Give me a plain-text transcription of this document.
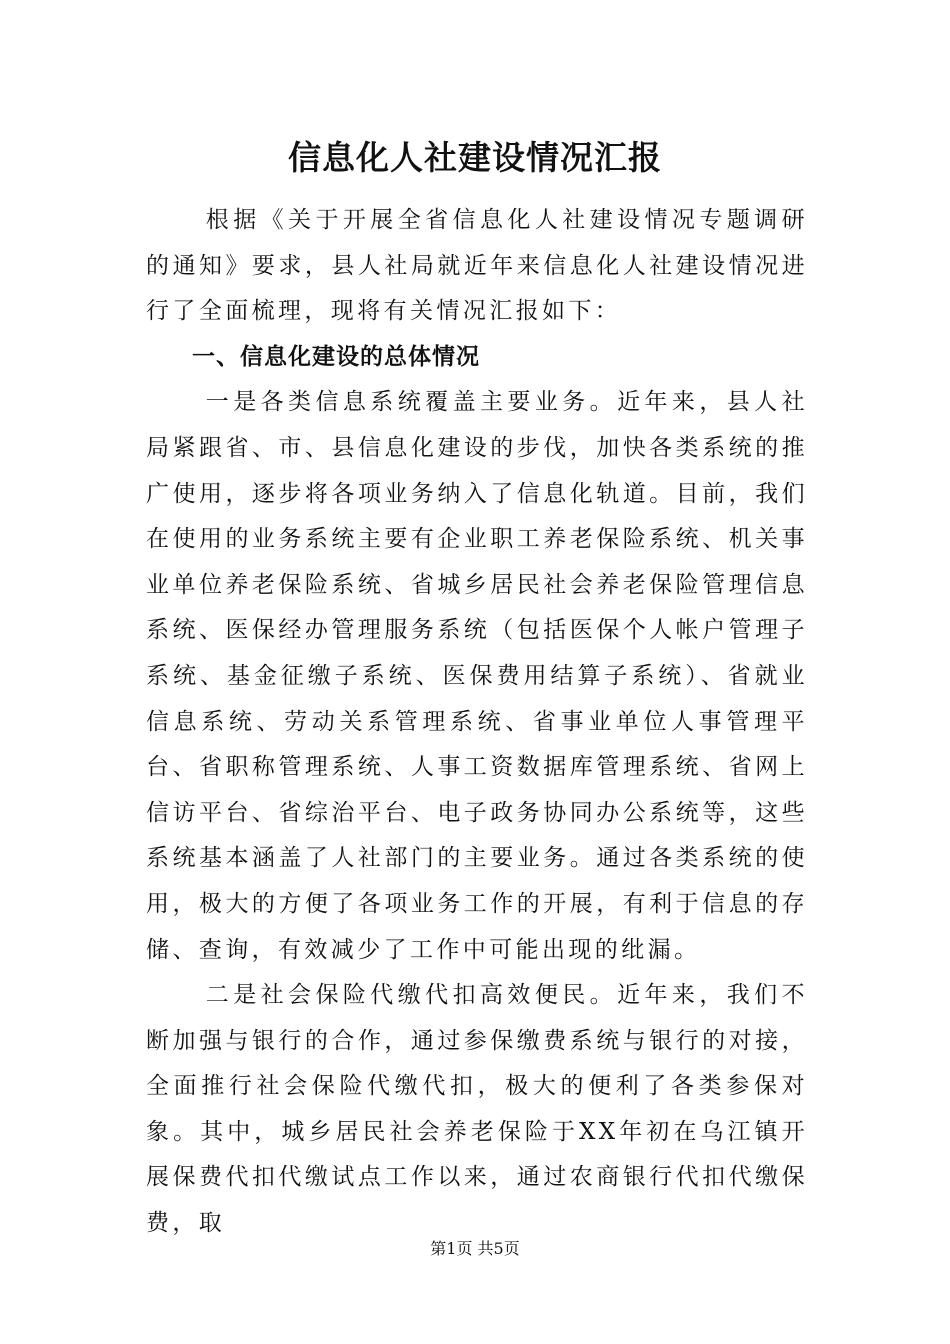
信息化人社建设情况汇报

根据《关于开展全省信息化人社建设情况专题调研的通知》要求，县人社局就近年来信息化人社建设情况进行了全面梳理，现将有关情况汇报如下：

一、信息化建设的总体情况

一是各类信息系统覆盖主要业务。近年来，县人社局紧跟省、市、县信息化建设的步伐，加快各类系统的推广使用，逐步将各项业务纳入了信息化轨道。目前，我们在使用的业务系统主要有企业职工养老保险系统、机关事业单位养老保险系统、省城乡居民社会养老保险管理信息系统、医保经办管理服务系统（包括医保个人帐户管理子系统、基金征缴子系统、医保费用结算子系统）、省就业信息系统、劳动关系管理系统、省事业单位人事管理平台、省职称管理系统、人事工资数据库管理系统、省网上信访平台、省综治平台、电子政务协同办公系统等，这些系统基本涵盖了人社部门的主要业务。通过各类系统的使用，极大的方便了各项业务工作的开展，有利于信息的存储、查询，有效减少了工作中可能出现的纰漏。

二是社会保险代缴代扣高效便民。近年来，我们不断加强与银行的合作，通过参保缴费系统与银行的对接，全面推行社会保险代缴代扣，极大的便利了各类参保对象。其中，城乡居民社会养老保险于XX年初在乌江镇开展保费代扣代缴试点工作以来，通过农商银行代扣代缴保费，取

第1页 共5页
